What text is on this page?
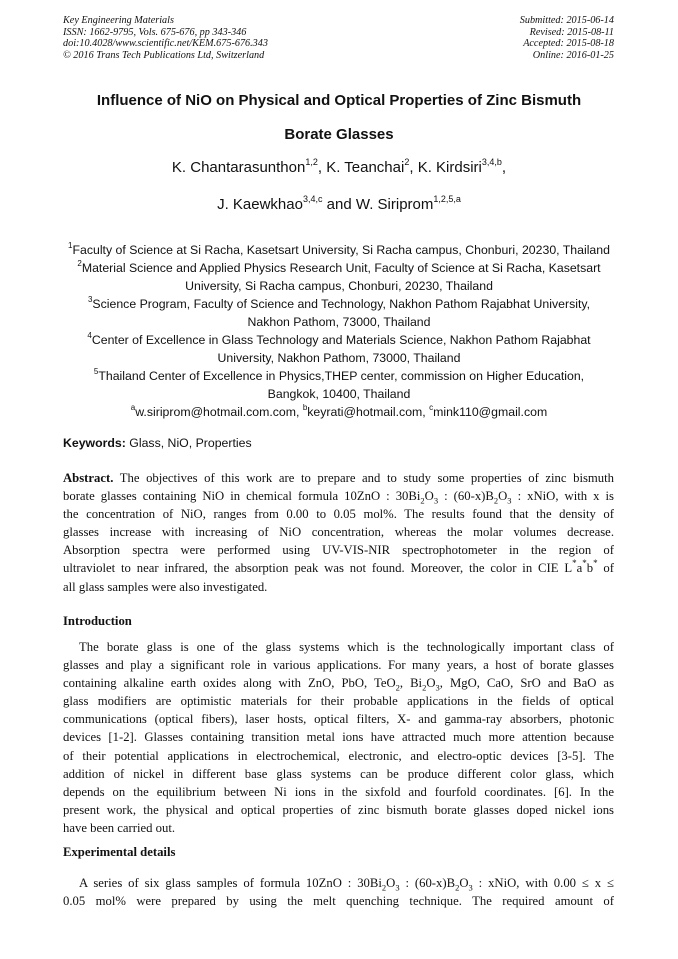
Key Engineering Materials
ISSN: 1662-9795, Vols. 675-676, pp 343-346
doi:10.4028/www.scientific.net/KEM.675-676.343
© 2016 Trans Tech Publications Ltd, Switzerland
Submitted: 2015-06-14
Revised: 2015-08-11
Accepted: 2015-08-18
Online: 2016-01-25
Influence of NiO on Physical and Optical Properties of Zinc Bismuth
Borate Glasses
K. Chantarasunthon$^{1,2}$, K. Teanchai$^2$, K. Kirdsiri$^{3,4,b}$,
J. Kaewkhao$^{3,4,c}$ and W. Siriprom$^{1,2,5,a}$
$^1$Faculty of Science at Si Racha, Kasetsart University, Si Racha campus, Chonburi, 20230, Thailand
$^2$Material Science and Applied Physics Research Unit, Faculty of Science at Si Racha, Kasetsart
University, Si Racha campus, Chonburi, 20230, Thailand
$^3$Science Program, Faculty of Science and Technology, Nakhon Pathom Rajabhat University,
Nakhon Pathom, 73000, Thailand
$^4$Center of Excellence in Glass Technology and Materials Science, Nakhon Pathom Rajabhat
University, Nakhon Pathom, 73000, Thailand
$^5$Thailand Center of Excellence in Physics,THEP center, commission on Higher Education,
Bangkok, 10400, Thailand
$^a$w.siriprom@hotmail.com.com, $^b$keyrati@hotmail.com, $^c$mink110@gmail.com
Keywords: Glass, NiO, Properties
Abstract. The objectives of this work are to prepare and to study some properties of zinc bismuth
borate glasses containing NiO in chemical formula 10ZnO : $30Bi_2O_3$ : $(60-x)B_2O_3$ : xNiO, with x is
the concentration of NiO, ranges from 0.00 to 0.05 mol%. The results found that the density of
glasses increase with increasing of NiO concentration, whereas the molar volumes decrease.
Absorption spectra were performed using UV-VIS-NIR spectrophotometer in the region of
ultraviolet to near infrared, the absorption peak was not found. Moreover, the color in CIE L*a*b* of
all glass samples were also investigated.
Introduction
The borate glass is one of the glass systems which is the technologically important class of
glasses and play a significant role in various applications. For many years, a host of borate glasses
containing alkaline earth oxides along with ZnO, PbO, TeO$_2$, $Bi_2O_3$, MgO, CaO, SrO and BaO as
glass modifiers are optimistic materials for their probable applications in the fields of optical
communications (optical fibers), laser hosts, optical filters, X- and gamma-ray absorbers, photonic
devices [1-2]. Glasses containing transition metal ions have attracted much more attention because
of their potential applications in electrochemical, electronic, and electro-optic devices [3-5]. The
addition of nickel in different base glass systems can be produce different color glass, which
depends on the equilibrium between Ni ions in the sixfold and fourfold coordinates. [6]. In the
present work, the physical and optical properties of zinc bismuth borate glasses doped nickel ions
have been carried out.
Experimental details
A series of six glass samples of formula 10ZnO : $30Bi_2O_3$ : $(60-x)B_2O_3$ : xNiO, with 0.00 ≤ x ≤
0.05 mol% were prepared by using the melt quenching technique. The required amount of
